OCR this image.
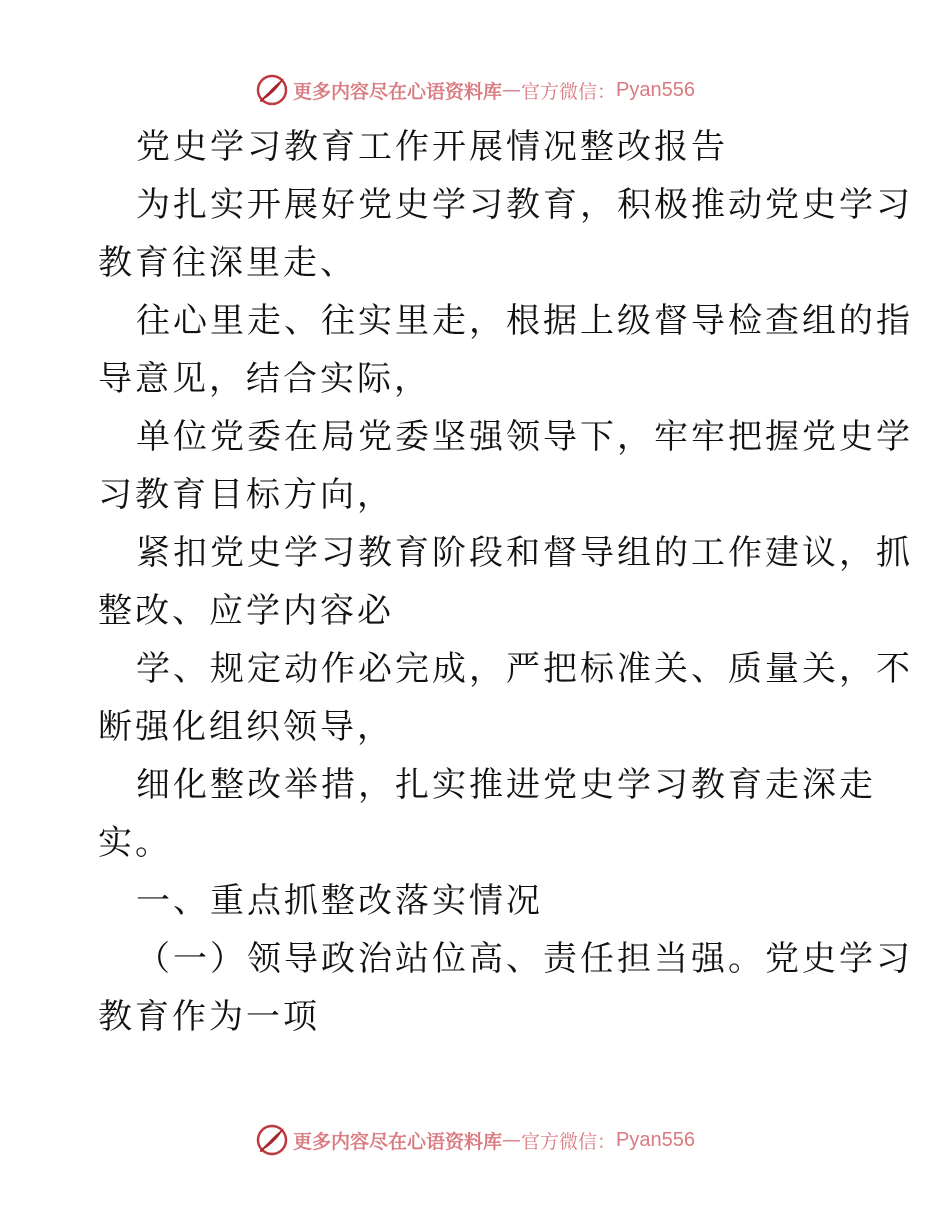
更多内容尽在心语资料库 — 官方微信： Pyan556
党史学习教育工作开展情况整改报告
为扎实开展好党史学习教育，积极推动党史学习
教育往深里走、
往心里走、往实里走，根据上级督导检查组的指
导意见，结合实际，
单位党委在局党委坚强领导下，牢牢把握党史学
习教育目标方向，
紧扣党史学习教育阶段和督导组的工作建议，抓
整改、应学内容必
学、规定动作必完成，严把标准关、质量关，不
断强化组织领导，
细化整改举措，扎实推进党史学习教育走深走
实。
一、重点抓整改落实情况
（一）领导政治站位高、责任担当强。党史学习
教育作为一项
更多内容尽在心语资料库 — 官方微信： Pyan556
